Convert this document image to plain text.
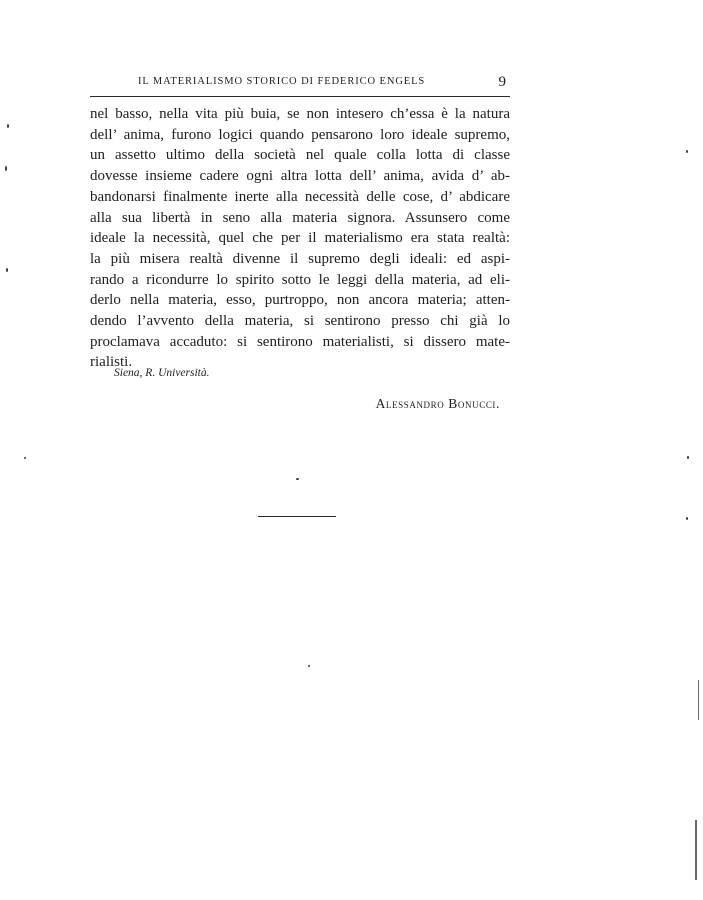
IL MATERIALISMO STORICO DI FEDERICO ENGELS	9
nel basso, nella vita più buia, se non intesero ch’essa è la natura
dell’ anima, furono logici quando pensarono loro ideale supremo,
un assetto ultimo della società nel quale colla lotta di classe
dovesse insieme cadere ogni altra lotta dell’ anima, avida d’ ab-
bandonarsi finalmente inerte alla necessità delle cose, d’ abdicare
alla sua libertà in seno alla materia signora. Assunsero come
ideale la necessità, quel che per il materialismo era stata realtà:
la più misera realtà divenne il supremo degli ideali: ed aspi-
rando a ricondurre lo spirito sotto le leggi della materia, ad eli-
derlo nella materia, esso, purtroppo, non ancora materia; atten-
dendo l’avvento della materia, si sentirono presso chi già lo
proclamava accaduto: si sentirono materialisti, si dissero mate-
rialisti.
Siena, R. Università.
Alessandro Bonucci.
